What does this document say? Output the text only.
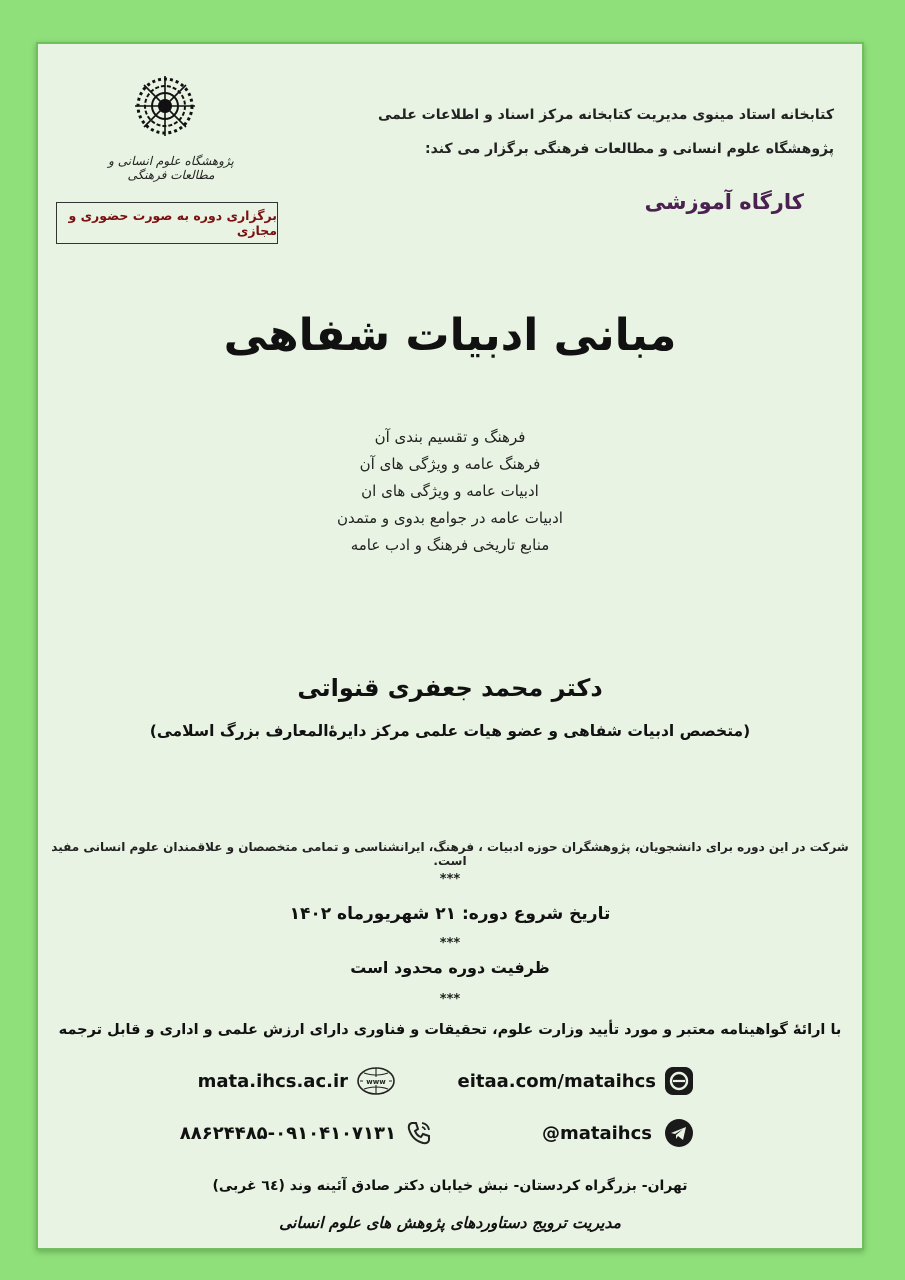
کتابخانه استاد مینوی مدیریت کتابخانه مرکز اسناد و اطلاعات علمی
پژوهشگاه علوم انسانی و مطالعات فرهنگی برگزار می کند:
کارگاه آموزشی
پژوهشگاه علوم انسانی و مطالعات فرهنگی
برگزاری دوره به صورت حضوری و مجازی
مبانی ادبیات شفاهی
فرهنگ و تقسیم بندی آن
فرهنگ عامه و ویژگی های آن
ادبیات عامه و ویژگی های ان
ادبیات عامه در جوامع بدوی و متمدن
منابع تاریخی فرهنگ و ادب عامه
دکتر محمد جعفری قنواتی
(متخصص ادبیات شفاهی و عضو هیات علمی مرکز دایرۀالمعارف بزرگ اسلامی)
شرکت در این دوره برای دانشجویان، پژوهشگران حوزه ادبیات ، فرهنگ، ایرانشناسی و تمامی متخصصان و علاقمندان علوم انسانی مفید است.
***
تاریخ شروع دوره: ۲۱ شهریورماه ۱۴۰۲
***
ظرفیت دوره محدود است
***
با ارائۀ گواهینامه معتبر و مورد تأیید وزارت علوم، تحقیقات و فناوری دارای ارزش علمی و اداری و قابل ترجمه
eitaa.com/mataihcs
mata.ihcs.ac.ir	www
@mataihcs
۸۸۶۲۴۴۸۵-۰۹۱۰۴۱۰۷۱۳۱
تهران- بزرگراه کردستان- نبش خیابان دکتر صادق آئینه وند (٦٤ غربی)
مدیریت ترویج دستاوردهای پژوهش های علوم انسانی
